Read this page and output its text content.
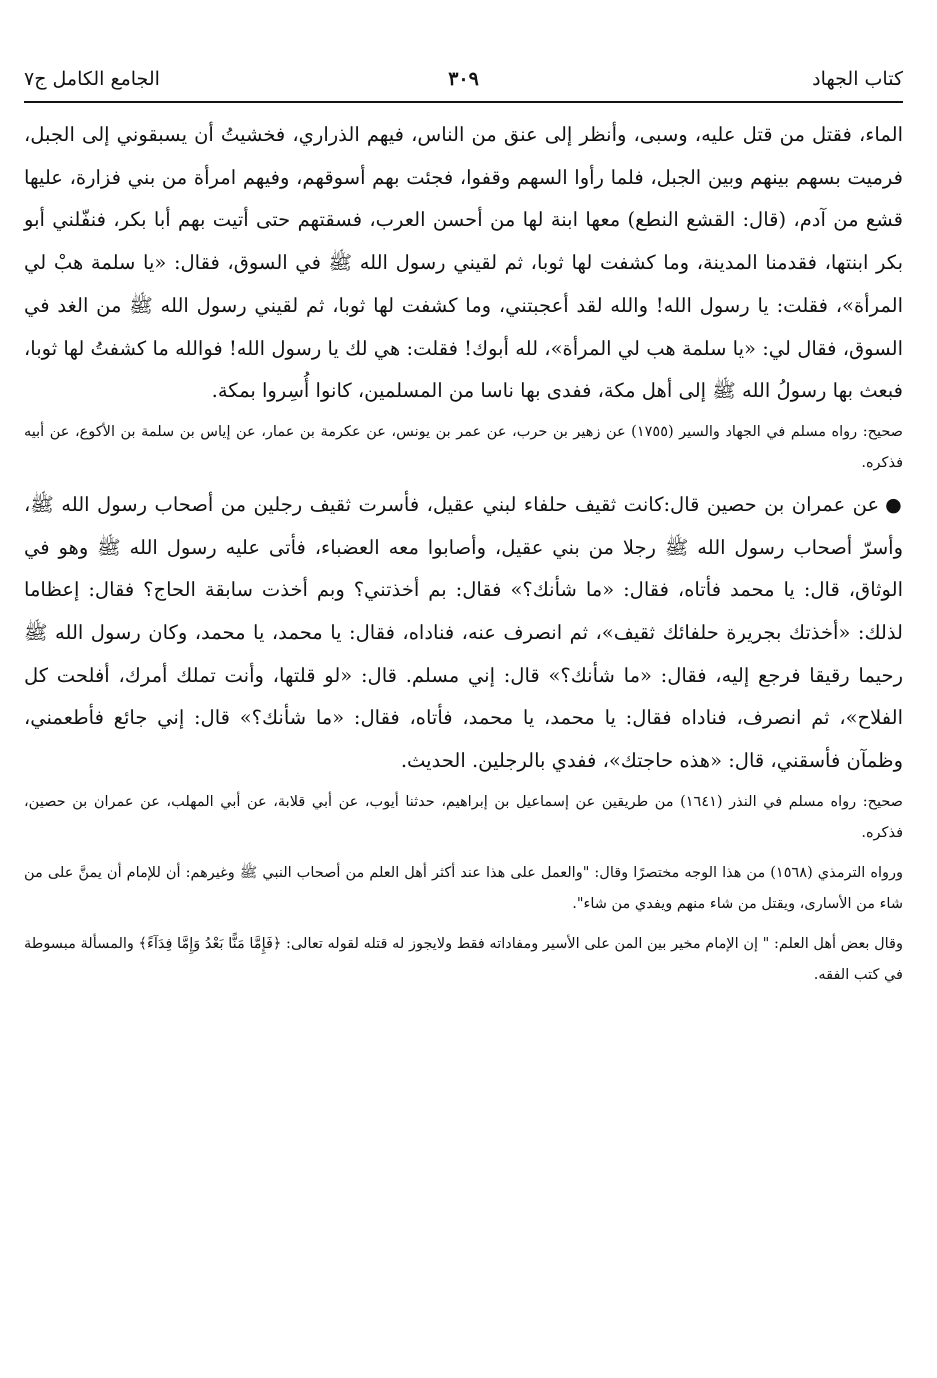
كتاب الجهاد
٣٠٩
الجامع الكامل ج٧

الماء، فقتل من قتل عليه، وسبى، وأنظر إلى عنق من الناس، فيهم الذراري، فخشيتُ أن يسبقوني إلى الجبل، فرميت بسهم بينهم وبين الجبل، فلما رأوا السهم وقفوا، فجئت بهم أسوقهم، وفيهم امرأة من بني فزارة، عليها قشع من آدم، (قال: القشع النطع) معها ابنة لها من أحسن العرب، فسقتهم حتى أتيت بهم أبا بكر، فنفّلني أبو بكر ابنتها، فقدمنا المدينة، وما كشفت لها ثوبا، ثم لقيني رسول الله ﷺ في السوق، فقال: «يا سلمة هبْ لي المرأة»، فقلت: يا رسول الله! والله لقد أعجبتني، وما كشفت لها ثوبا، ثم لقيني رسول الله ﷺ من الغد في السوق، فقال لي: «يا سلمة هب لي المرأة»، لله أبوك! فقلت: هي لك يا رسول الله! فوالله ما كشفتُ لها ثوبا، فبعث بها رسولُ الله ﷺ إلى أهل مكة، ففدى بها ناسا من المسلمين، كانوا أُسِروا بمكة.

صحيح: رواه مسلم في الجهاد والسير (١٧٥٥) عن زهير بن حرب، عن عمر بن يونس، عن عكرمة بن عمار، عن إياس بن سلمة بن الأكوع، عن أبيه فذكره.

●عن عمران بن حصين قال:كانت ثقيف حلفاء لبني عقيل، فأسرت ثقيف رجلين من أصحاب رسول الله ﷺ، وأسرّ أصحاب رسول الله ﷺ رجلا من بني عقيل، وأصابوا معه العضباء، فأتى عليه رسول الله ﷺ وهو في الوثاق، قال: يا محمد فأتاه، فقال: «ما شأنك؟» فقال: بم أخذتني؟ وبم أخذت سابقة الحاج؟ فقال: إعظاما لذلك: «أخذتك بجريرة حلفائك ثقيف»، ثم انصرف عنه، فناداه، فقال: يا محمد، يا محمد، وكان رسول الله ﷺ رحيما رقيقا فرجع إليه، فقال: «ما شأنك؟» قال: إني مسلم. قال: «لو قلتها، وأنت تملك أمرك، أفلحت كل الفلاح»، ثم انصرف، فناداه فقال: يا محمد، يا محمد، فأتاه، فقال: «ما شأنك؟» قال: إني جائع فأطعمني، وظمآن فأسقني، قال: «هذه حاجتك»، ففدي بالرجلين. الحديث.

صحيح: رواه مسلم في النذر (١٦٤١) من طريقين عن إسماعيل بن إبراهيم، حدثنا أيوب، عن أبي قلابة، عن أبي المهلب، عن عمران بن حصين، فذكره.

ورواه الترمذي (١٥٦٨) من هذا الوجه مختصرًا وقال: "والعمل على هذا عند أكثر أهل العلم من أصحاب النبي ﷺ وغيرهم: أن للإمام أن يمنَّ على من شاء من الأسارى، ويقتل من شاء منهم ويفدي من شاء".

وقال بعض أهل العلم: " إن الإمام مخير بين المن على الأسير ومفاداته فقط ولايجوز له قتله لقوله تعالى: ﴿فَإِمَّا مَنًّا بَعْدُ وَإِمَّا فِدَآءً﴾ والمسألة مبسوطة في كتب الفقه.
